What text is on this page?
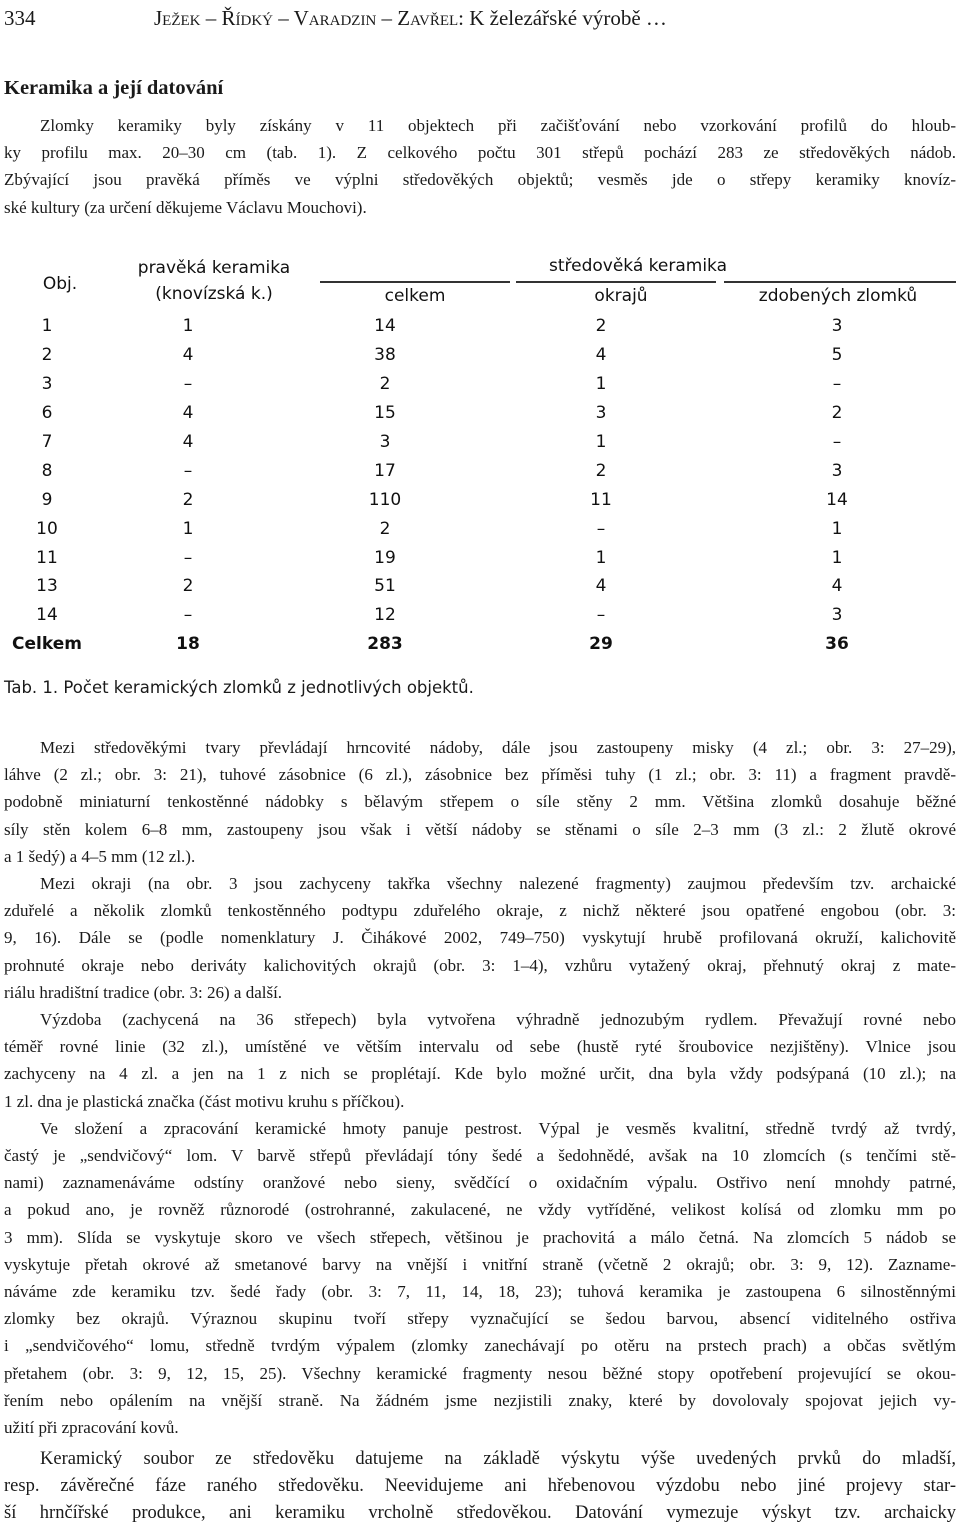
334	Ježek – Řídký – Varadzin – Zavřel: K železářské výrobě …
Keramika a její datování
Zlomky keramiky byly získány v 11 objektech při začišťování nebo vzorkování profilů do hloub-
ky profilu max. 20–30 cm (tab. 1). Z celkového počtu 301 střepů pochází 283 ze středověkých nádob.
Zbývající jsou pravěká příměs ve výplni středověkých objektů; vesměs jde o střepy keramiky knovíz-
ské kultury (za určení děkujeme Václavu Mouchovi).
Obj.
pravěká keramika
(knovízská k.)
středověká keramika
celkem	okrajů	zdobených zlomků
1	1	14	2	3
2	4	38	4	5
3	–	2	1	–
6	4	15	3	2
7	4	3	1	–
8	–	17	2	3
9	2	110	11	14
10	1	2	–	1
11	–	19	1	1
13	2	51	4	4
14	–	12	–	3
Celkem	18	283	29	36
Tab. 1. Počet keramických zlomků z jednotlivých objektů.
Mezi středověkými tvary převládají hrncovité nádoby, dále jsou zastoupeny misky (4 zl.; obr. 3: 27–29),
láhve (2 zl.; obr. 3: 21), tuhové zásobnice (6 zl.), zásobnice bez příměsi tuhy (1 zl.; obr. 3: 11) a fragment pravdě-
podobně miniaturní tenkostěnné nádobky s bělavým střepem o síle stěny 2 mm. Většina zlomků dosahuje běžné
síly stěn kolem 6–8 mm, zastoupeny jsou však i větší nádoby se stěnami o síle 2–3 mm (3 zl.: 2 žlutě okrové
a 1 šedý) a 4–5 mm (12 zl.).
Mezi okraji (na obr. 3 jsou zachyceny takřka všechny nalezené fragmenty) zaujmou především tzv. archaické
zduřelé a několik zlomků tenkostěnného podtypu zduřelého okraje, z nichž některé jsou opatřené engobou (obr. 3:
9, 16). Dále se (podle nomenklatury J. Čihákové 2002, 749–750) vyskytují hrubě profilovaná okruží, kalichovitě
prohnuté okraje nebo deriváty kalichovitých okrajů (obr. 3: 1–4), vzhůru vytažený okraj, přehnutý okraj z mate-
riálu hradištní tradice (obr. 3: 26) a další.
Výzdoba (zachycená na 36 střepech) byla vytvořena výhradně jednozubým rydlem. Převažují rovné nebo
téměř rovné linie (32 zl.), umístěné ve větším intervalu od sebe (hustě ryté šroubovice nezjištěny). Vlnice jsou
zachyceny na 4 zl. a jen na 1 z nich se proplétají. Kde bylo možné určit, dna byla vždy podsýpaná (10 zl.); na
1 zl. dna je plastická značka (část motivu kruhu s příčkou).
Ve složení a zpracování keramické hmoty panuje pestrost. Výpal je vesměs kvalitní, středně tvrdý až tvrdý,
častý je „sendvičový“ lom. V barvě střepů převládají tóny šedé a šedohnědé, avšak na 10 zlomcích (s tenčími stě-
nami) zaznamenáváme odstíny oranžové nebo sieny, svědčící o oxidačním výpalu. Ostřivo není mnohdy patrné,
a pokud ano, je rovněž různorodé (ostrohranné, zakulacené, ne vždy vytříděné, velikost kolísá od zlomku mm po
3 mm). Slída se vyskytuje skoro ve všech střepech, většinou je prachovitá a málo četná. Na zlomcích 5 nádob se
vyskytuje přetah okrové až smetanové barvy na vnější i vnitřní straně (včetně 2 okrajů; obr. 3: 9, 12). Zazname-
náváme zde keramiku tzv. šedé řady (obr. 3: 7, 11, 14, 18, 23); tuhová keramika je zastoupena 6 silnostěnnými
zlomky bez okrajů. Výraznou skupinu tvoří střepy vyznačující se šedou barvou, absencí viditelného ostřiva
i „sendvičového“ lomu, středně tvrdým výpalem (zlomky zanechávají po otěru na prstech prach) a občas světlým
přetahem (obr. 3: 9, 12, 15, 25). Všechny keramické fragmenty nesou běžné stopy opotřebení projevující se okou-
řením nebo opálením na vnější straně. Na žádném jsme nezjistili znaky, které by dovolovaly spojovat jejich vy-
užití při zpracování kovů.
Keramický soubor ze středověku datujeme na základě výskytu výše uvedených prvků do mladší,
resp. závěrečné fáze raného středověku. Neevidujeme ani hřebenovou výzdobu nebo jiné projevy star-
ší hrnčířské produkce, ani keramiku vrcholně středověkou. Datování vymezuje výskyt tzv. archaicky
